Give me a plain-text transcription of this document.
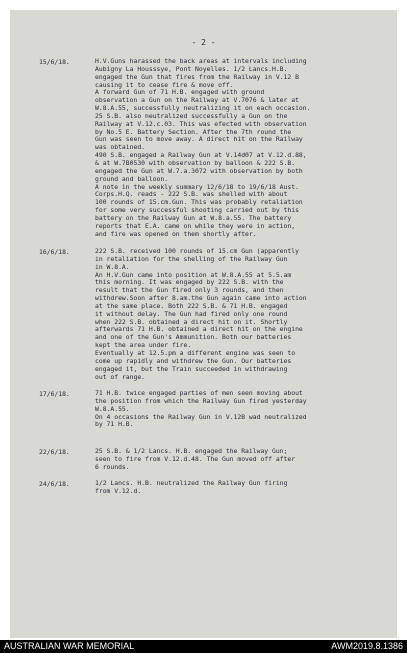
- 2 -
15/6/18.	H.V.Guns harassed the back areas at intervals including
Aubigny La Housssye, Pont Noyelles. 1/2 Lancs.H.B.
engaged the Gun that fires from the Railway in V.12 B
causing it to cease fire & move off.
A forward Gun of 71 H.B. engaged with ground
observation a Gun on the Railway at V.7076 & later at
W.8.A.55, successfully neutralizing it on each occasion.
25 S.B. also neutralized successfully a Gun on the
Railway at V.12.c.03. This was efected with observation
by No.5 E. Battery Section. After the 7th round the
Gun was seen to move away. A direct hit on the Railway
was obtained.
490 S.B. engaged a Railway Gun at V.14d07 at V.12.d.88,
& at W.7B0530 with observation by balloon & 222 S.B.
engaged the Gun at W.7.a.3072 with observation by both
ground and balloon.
A note in the weekly summary 12/6/18 to 19/6/18 Aust.
Corps.H.Q. reads - 222 S.B. was shelled with about
100 rounds of 15.cm.Gun. This was probably retaliation
for some very successful shooting carried out by this
battery on the Railway Gun at W.8.a.55. The battery
reports that E.A. came on while they were in action,
and fire was opened on them shortly after.
16/6/18.	222 S.B. received 100 rounds of 15.cm Gun (apparently
in retaliation for the shelling of the Railway Gun
in W.8.A.
An H.V.Gun came into position at W.8.A.55 at 5.5.am
this morning. It was engaged by 222 S.B. with the
result that the Gun fired only 3 rounds, and then
withdrew.Soon after 8.am.the Gun again came into action
at the same place. Both 222 S.B. & 71 H.B. engaged
it without delay. The Gun had fired only one round
when 222 S.B. obtained a direct hit on it. Shortly
afterwards 71 H.B. obtained a direct hit on the engine
and one of the Gun's Ammunition. Both our batteries
kept the area under fire.
Eventually at 12.5.pm a different engine was seen to
come up rapidly and withdrew the Gun. Our batteries
engaged it, but the Train succeeded in withdrawing
out of range.
17/6/18.	71 H.B. twice engaged parties of men seen moving about
the position from which the Railway Gun fired yesterday
W.8.A.55.
On 4 occasions the Railway Gun in V.12B wad neutralized
by 71 H.B.
22/6/18.	25 S.B. & 1/2 Lancs. H.B. engaged the Railway Gun;
seen to fire from V.12.d.48. The Gun moved off after
6 rounds.
24/6/18.	1/2 Lancs. H.B. neutralized the Railway Gun firing
from V.12.d.
AUSTRALIAN WAR MEMORIAL	AWM2019.8.1386
